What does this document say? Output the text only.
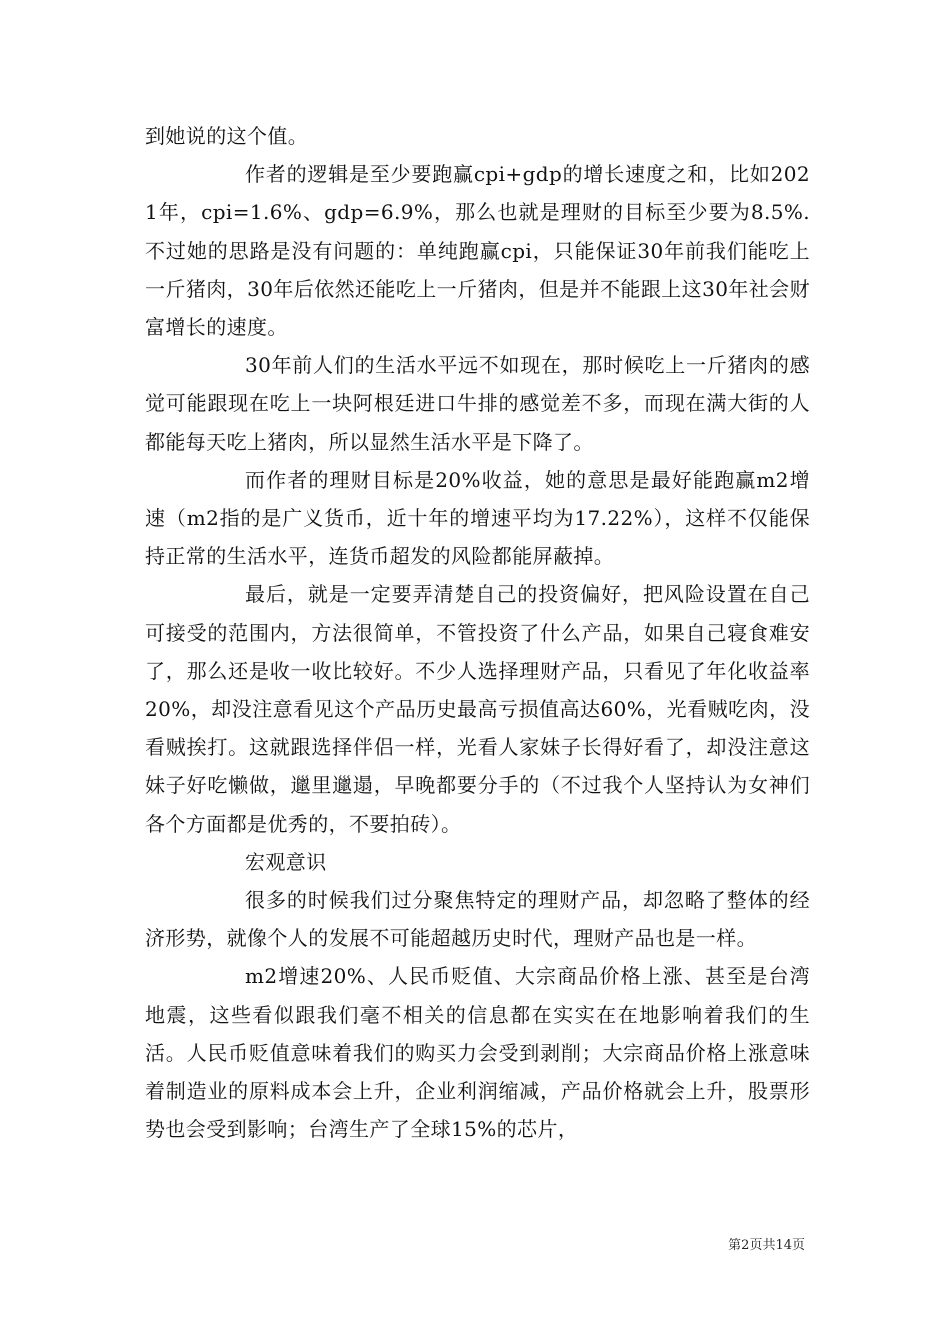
到她说的这个值。

作者的逻辑是至少要跑赢cpi+gdp的增长速度之和，比如2021年，cpi=1.6%、gdp=6.9%，那么也就是理财的目标至少要为8.5%.不过她的思路是没有问题的：单纯跑赢cpi，只能保证30年前我们能吃上一斤猪肉，30年后依然还能吃上一斤猪肉，但是并不能跟上这30年社会财富增长的速度。

30年前人们的生活水平远不如现在，那时候吃上一斤猪肉的感觉可能跟现在吃上一块阿根廷进口牛排的感觉差不多，而现在满大街的人都能每天吃上猪肉，所以显然生活水平是下降了。

而作者的理财目标是20%收益，她的意思是最好能跑赢m2增速（m2指的是广义货币，近十年的增速平均为17.22%），这样不仅能保持正常的生活水平，连货币超发的风险都能屏蔽掉。

最后，就是一定要弄清楚自己的投资偏好，把风险设置在自己可接受的范围内，方法很简单，不管投资了什么产品，如果自己寝食难安了，那么还是收一收比较好。不少人选择理财产品，只看见了年化收益率20%，却没注意看见这个产品历史最高亏损值高达60%，光看贼吃肉，没看贼挨打。这就跟选择伴侣一样，光看人家妹子长得好看了，却没注意这妹子好吃懒做，邋里邋遢，早晚都要分手的（不过我个人坚持认为女神们各个方面都是优秀的，不要拍砖）。

宏观意识

很多的时候我们过分聚焦特定的理财产品，却忽略了整体的经济形势，就像个人的发展不可能超越历史时代，理财产品也是一样。

m2增速20%、人民币贬值、大宗商品价格上涨、甚至是台湾地震，这些看似跟我们毫不相关的信息都在实实在在地影响着我们的生活。人民币贬值意味着我们的购买力会受到剥削；大宗商品价格上涨意味着制造业的原料成本会上升，企业利润缩减，产品价格就会上升，股票形势也会受到影响；台湾生产了全球15%的芯片，

第2页共14页
